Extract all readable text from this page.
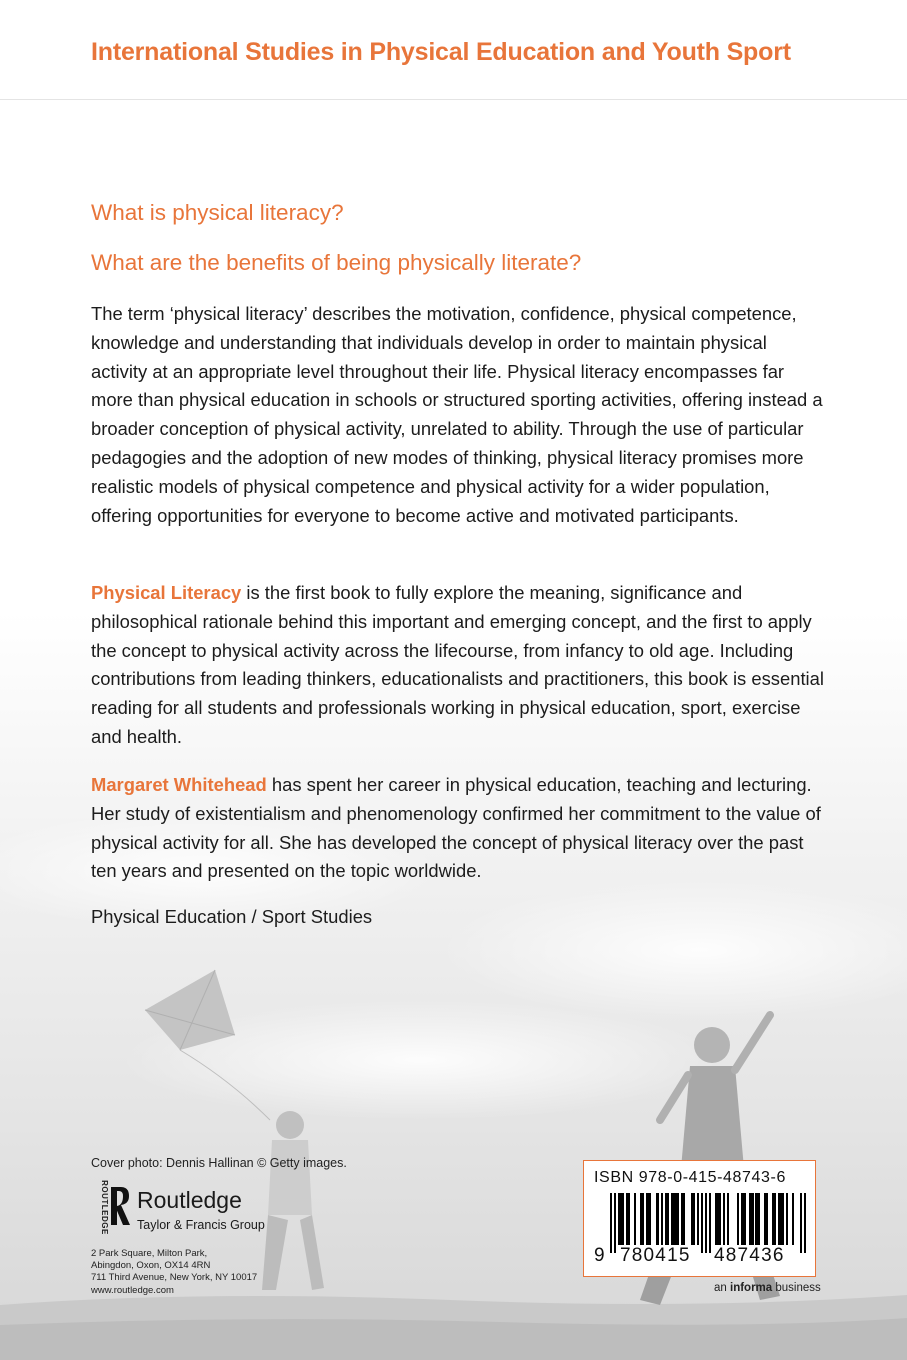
International Studies in Physical Education and Youth Sport
What is physical literacy?
What are the benefits of being physically literate?

The term ‘physical literacy’ describes the motivation, confidence, physical competence, knowledge and understanding that individuals develop in order to maintain physical activity at an appropriate level throughout their life. Physical literacy encompasses far more than physical education in schools or structured sporting activities, offering instead a broader conception of physical activity, unrelated to ability. Through the use of particular pedagogies and the adoption of new modes of thinking, physical literacy promises more realistic models of physical competence and physical activity for a wider population, offering opportunities for everyone to become active and motivated participants.

Physical Literacy is the first book to fully explore the meaning, significance and philosophical rationale behind this important and emerging concept, and the first to apply the concept to physical activity across the lifecourse, from infancy to old age. Including contributions from leading thinkers, educationalists and practitioners, this book is essential reading for all students and professionals working in physical education, sport, exercise and health.

Margaret Whitehead has spent her career in physical education, teaching and lecturing. Her study of existentialism and phenomenology confirmed her commitment to the value of physical activity for all. She has developed the concept of physical literacy over the past ten years and presented on the topic worldwide.

Physical Education / Sport Studies
Cover photo: Dennis Hallinan © Getty images.
ROUTLEDGE Routledge
Taylor & Francis Group
2 Park Square, Milton Park,
Abingdon, Oxon, OX14 4RN
711 Third Avenue, New York, NY 10017
www.routledge.com
ISBN 978-0-415-48743-6
9 780415 487436
an informa business
